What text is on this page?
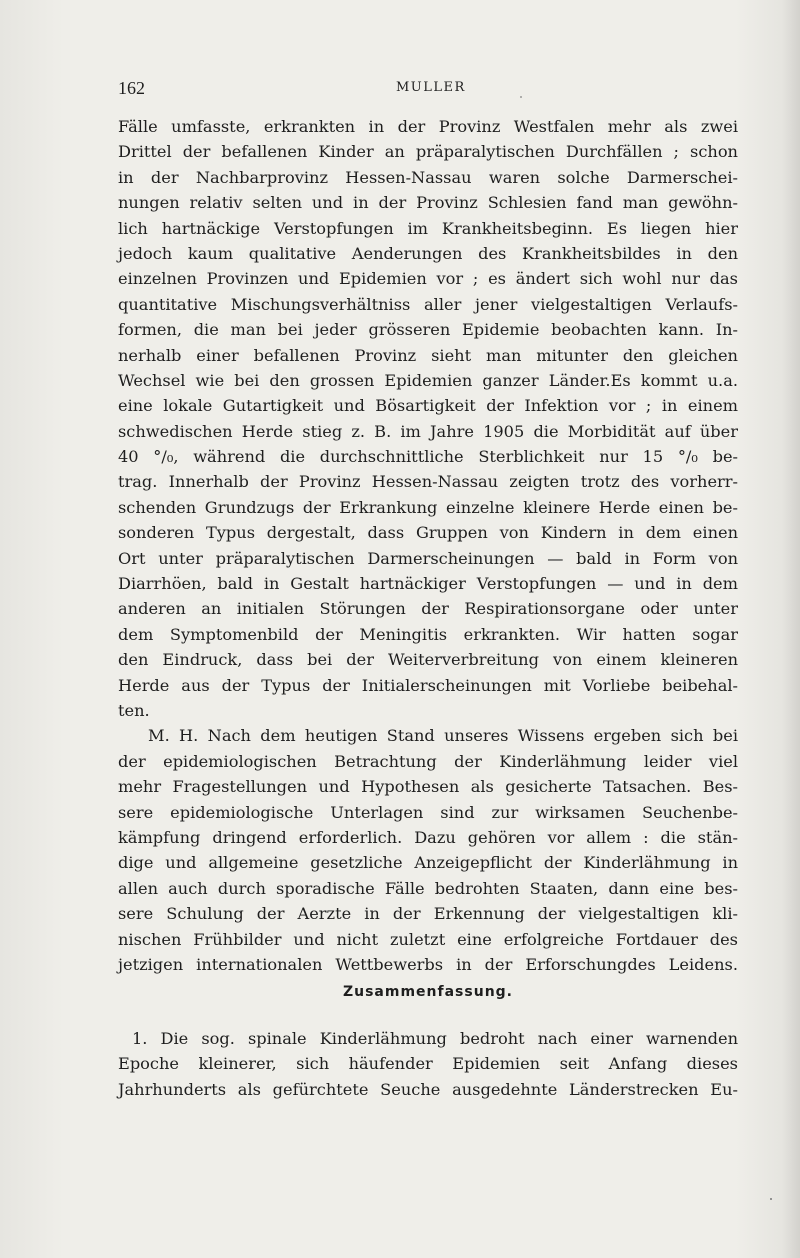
162	MULLER
Fälle umfasste, erkrankten in der Provinz Westfalen mehr als zwei
Drittel der befallenen Kinder an präparalytischen Durchfällen ; schon
in der Nachbarprovinz Hessen-Nassau waren solche Darmerschei-
nungen relativ selten und in der Provinz Schlesien fand man gewöhn-
lich hartnäckige Verstopfungen im Krankheitsbeginn. Es liegen hier
jedoch kaum qualitative Aenderungen des Krankheitsbildes in den
einzelnen Provinzen und Epidemien vor ; es ändert sich wohl nur das
quantitative Mischungsverhältniss aller jener vielgestaltigen Verlaufs-
formen, die man bei jeder grösseren Epidemie beobachten kann. In-
nerhalb einer befallenen Provinz sieht man mitunter den gleichen
Wechsel wie bei den grossen Epidemien ganzer Länder.Es kommt u.a.
eine lokale Gutartigkeit und Bösartigkeit der Infektion vor ; in einem
schwedischen Herde stieg z. B. im Jahre 1905 die Morbidität auf über
40 °/₀, während die durchschnittliche Sterblichkeit nur 15 °/₀ be-
trag. Innerhalb der Provinz Hessen-Nassau zeigten trotz des vorherr-
schenden Grundzugs der Erkrankung einzelne kleinere Herde einen be-
sonderen Typus dergestalt, dass Gruppen von Kindern in dem einen
Ort unter präparalytischen Darmerscheinungen — bald in Form von
Diarrhöen, bald in Gestalt hartnäckiger Verstopfungen — und in dem
anderen an initialen Störungen der Respirationsorgane oder unter
dem Symptomenbild der Meningitis erkrankten. Wir hatten sogar
den Eindruck, dass bei der Weiterverbreitung von einem kleineren
Herde aus der Typus der Initialerscheinungen mit Vorliebe beibehal-
ten.
M. H. Nach dem heutigen Stand unseres Wissens ergeben sich bei
der epidemiologischen Betrachtung der Kinderlähmung leider viel
mehr Fragestellungen und Hypothesen als gesicherte Tatsachen. Bes-
sere epidemiologische Unterlagen sind zur wirksamen Seuchenbe-
kämpfung dringend erforderlich. Dazu gehören vor allem : die stän-
dige und allgemeine gesetzliche Anzeigepflicht der Kinderlähmung in
allen auch durch sporadische Fälle bedrohten Staaten, dann eine bes-
sere Schulung der Aerzte in der Erkennung der vielgestaltigen kli-
nischen Frühbilder und nicht zuletzt eine erfolgreiche Fortdauer des
jetzigen internationalen Wettbewerbs in der Erforschungdes Leidens.
Zusammenfassung.
1. Die sog. spinale Kinderlähmung bedroht nach einer warnenden
Epoche kleinerer, sich häufender Epidemien seit Anfang dieses
Jahrhunderts als gefürchtete Seuche ausgedehnte Länderstrecken Eu-
